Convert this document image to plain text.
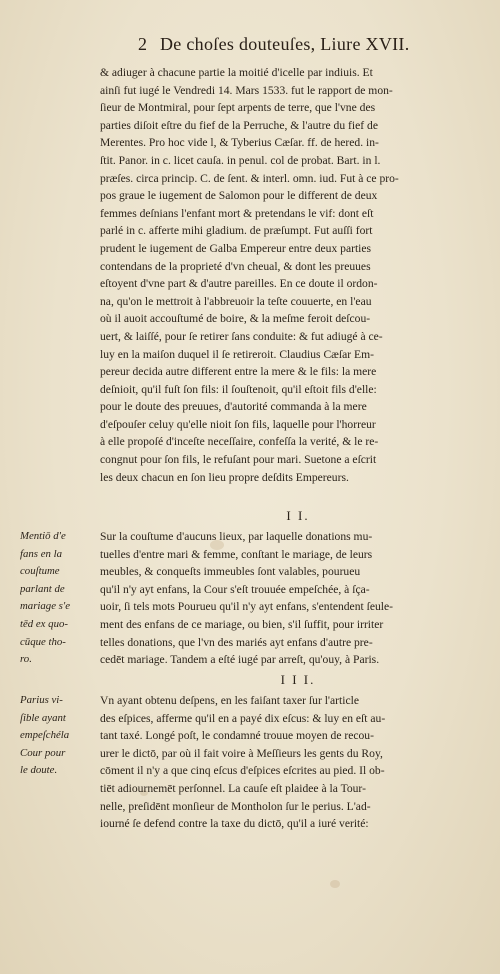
2 De choſes douteuſes, Liure XVII.
& adiuger à chacune partie la moitié d'icelle par indiuis. Et
ainſi fut iugé le Vendredi 14. Mars 1533. fut le rapport de mon-
ſieur de Montmiral, pour ſept arpents de terre, que l'vne des
parties diſoit eſtre du fief de la Perruche, & l'autre du fief de
Merentes. Pro hoc vide l, & Tyberius Cæſar. ff. de hered. in-
ſtit. Panor. in c. licet cauſa. in penul. col de probat. Bart. in l.
præſes. circa princip. C. de ſent. & interl. omn. iud. Fut à ce pro-
pos graue le iugement de Salomon pour le different de deux
femmes deſnians l'enfant mort & pretendans le vif: dont eſt
parlé in c. afferte mihi gladium. de præſumpt. Fut auſſi fort
prudent le iugement de Galba Empereur entre deux parties
contendans de la proprieté d'vn cheual, & dont les preuues
eſtoyent d'vne part & d'autre pareilles. En ce doute il ordon-
na, qu'on le mettroit à l'abbreuoir la teſte couuerte, en l'eau
où il auoit accouſtumé de boire, & la meſme feroit deſcou-
uert, & laiſſé, pour ſe retirer ſans conduite: & fut adiugé à ce-
luy en la maiſon duquel il ſe retireroit. Claudius Cæſar Em-
pereur decida autre different entre la mere & le fils: la mere
deſnioit, qu'il fuſt ſon fils: il ſouſtenoit, qu'il eſtoit fils d'elle:
pour le doute des preuues, d'autorité commanda à la mere
d'eſpouſer celuy qu'elle nioit ſon fils, laquelle pour l'horreur
à elle propoſé d'inceſte neceſſaire, confeſſa la verité, & le re-
congnut pour ſon fils, le refuſant pour mari. Suetone a eſcrit
les deux chacun en ſon lieu propre deſdits Empereurs.
I I.
Mentiō d'e
fans en la
couſtume
parlant de
mariage s'e
tēd ex quo-
cūque tho-
ro.
Sur la couſtume d'aucuns lieux, par laquelle donations mu-
tuelles d'entre mari & femme, conſtant le mariage, de leurs
meubles, & conqueſts immeubles ſont valables, pourueu
qu'il n'y ayt enfans, la Cour s'eſt trouuée empeſchée, à ſça-
uoir, ſi tels mots Pourueu qu'il n'y ayt enfans, s'entendent ſeule-
ment des enfans de ce mariage, ou bien, s'il ſuffit, pour irriter
telles donations, que l'vn des mariés ayt enfans d'autre pre-
cedēt mariage. Tandem a eſté iugé par arreſt, qu'ouy, à Paris.
I I I.
Parius vi-
ſible ayant
empeſchéla
Cour pour
le doute.
Vn ayant obtenu deſpens, en les faiſant taxer ſur l'article
des eſpices, afferme qu'il en a payé dix eſcus: & luy en eſt au-
tant taxé. Longé poſt, le condamné trouue moyen de recou-
urer le dictō, par où il fait voire à Meſſieurs les gents du Roy,
cōment il n'y a que cinq eſcus d'eſpices eſcrites au pied. Il ob-
tiēt adiournemēt perſonnel. La cauſe eſt plaidee à la Tour-
nelle, preſidēnt monſieur de Montholon ſur le perius. L'ad-
iourné ſe defend contre la taxe du dictō, qu'il a iuré verité:
